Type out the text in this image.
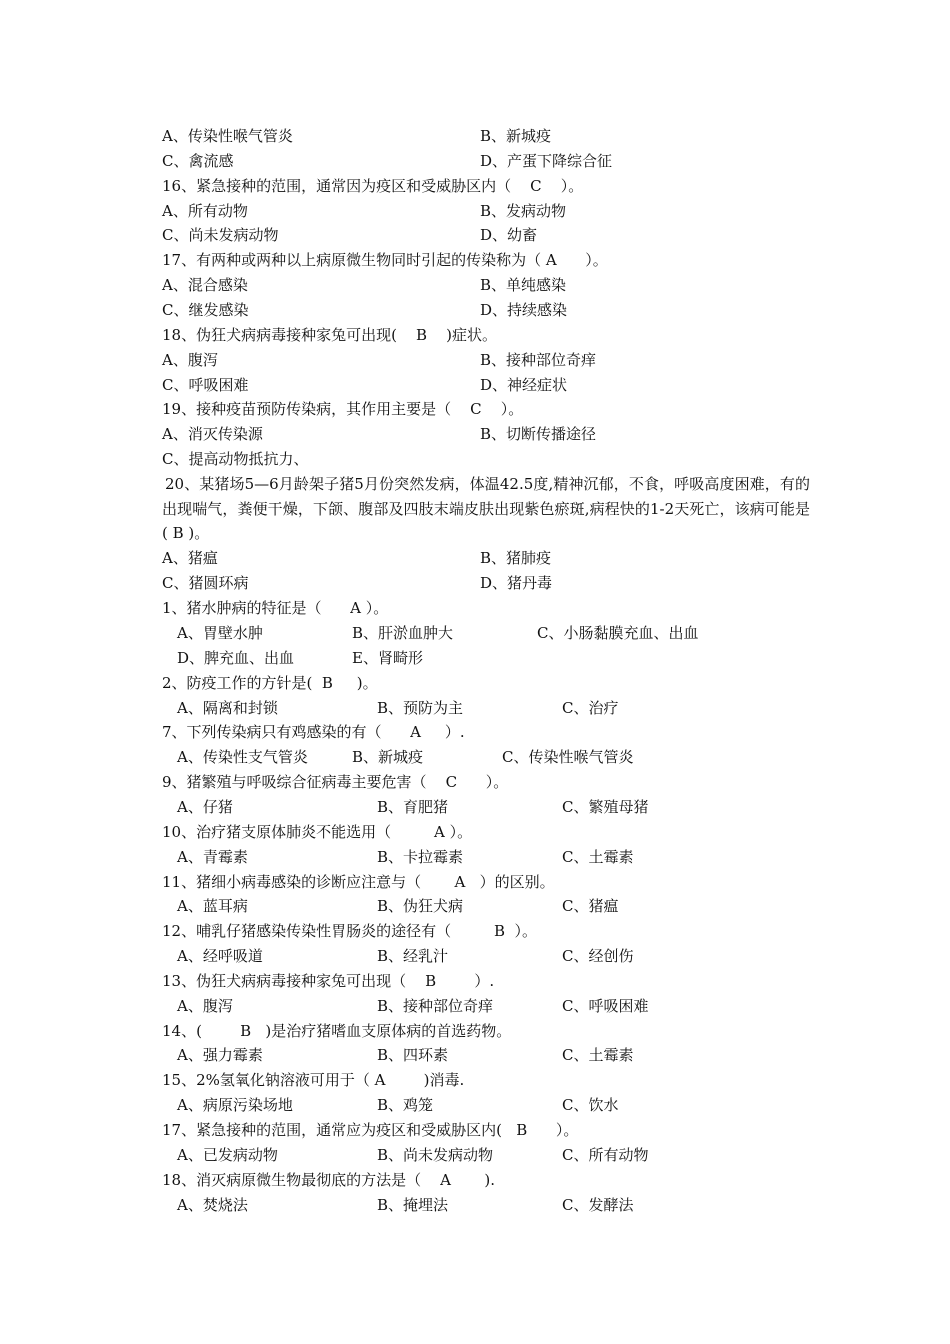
A、传染性喉气管炎	B、新城疫
C、禽流感	D、产蛋下降综合征
16、紧急接种的范围，通常因为疫区和受威胁区内（    C    ）。
A、所有动物	B、发病动物
C、尚未发病动物	D、幼畜
17、有两种或两种以上病原微生物同时引起的传染称为（ A      ）。
A、混合感染	B、单纯感染
C、继发感染	D、持续感染
18、伪狂犬病病毒接种家兔可出现(    B    )症状。
A、腹泻	B、接种部位奇痒
C、呼吸困难	D、神经症状
19、接种疫苗预防传染病，其作用主要是（    C    ）。
A、消灭传染源	B、切断传播途径
C、提高动物抵抗力、
20、某猪场5—6月龄架子猪5月份突然发病，体温42.5度,精神沉郁，不食，呼吸高度困难，有的出现喘气，粪便干燥，下颌、腹部及四肢末端皮肤出现紫色瘀斑,病程快的1-2天死亡，该病可能是( B )。
A、猪瘟	B、猪肺疫
C、猪圆环病	D、猪丹毒
1、猪水肿病的特征是（      A ）。
A、胃壁水肿	B、肝淤血肿大	C、小肠黏膜充血、出血
D、脾充血、出血	E、肾畸形
2、防疫工作的方针是(  B     )。
A、隔离和封锁	B、预防为主	C、治疗
7、下列传染病只有鸡感染的有（      A     ）.
A、传染性支气管炎	B、新城疫	C、传染性喉气管炎
9、猪繁殖与呼吸综合征病毒主要危害（    C      ）。
A、仔猪	B、育肥猪	C、繁殖母猪
10、治疗猪支原体肺炎不能选用（         A ）。
A、青霉素	B、卡拉霉素	C、土霉素
11、猪细小病毒感染的诊断应注意与（       A   ）的区别。
A、蓝耳病	B、伪狂犬病	C、猪瘟
12、哺乳仔猪感染传染性胃肠炎的途径有（         B  ）。
A、经呼吸道	B、经乳汁	C、经创伤
13、伪狂犬病病毒接种家兔可出现（    B        ）.
A、腹泻	B、接种部位奇痒	C、呼吸困难
14、(        B   )是治疗猪嗜血支原体病的首选药物。
A、强力霉素	B、四环素	C、土霉素
15、2%氢氧化钠溶液可用于（ A        )消毒.
A、病原污染场地	B、鸡笼	C、饮水
17、紧急接种的范围，通常应为疫区和受威胁区内(   B      ）。
A、已发病动物	B、尚未发病动物	C、所有动物
18、消灭病原微生物最彻底的方法是（    A       ).
A、焚烧法	B、掩埋法	C、发酵法
